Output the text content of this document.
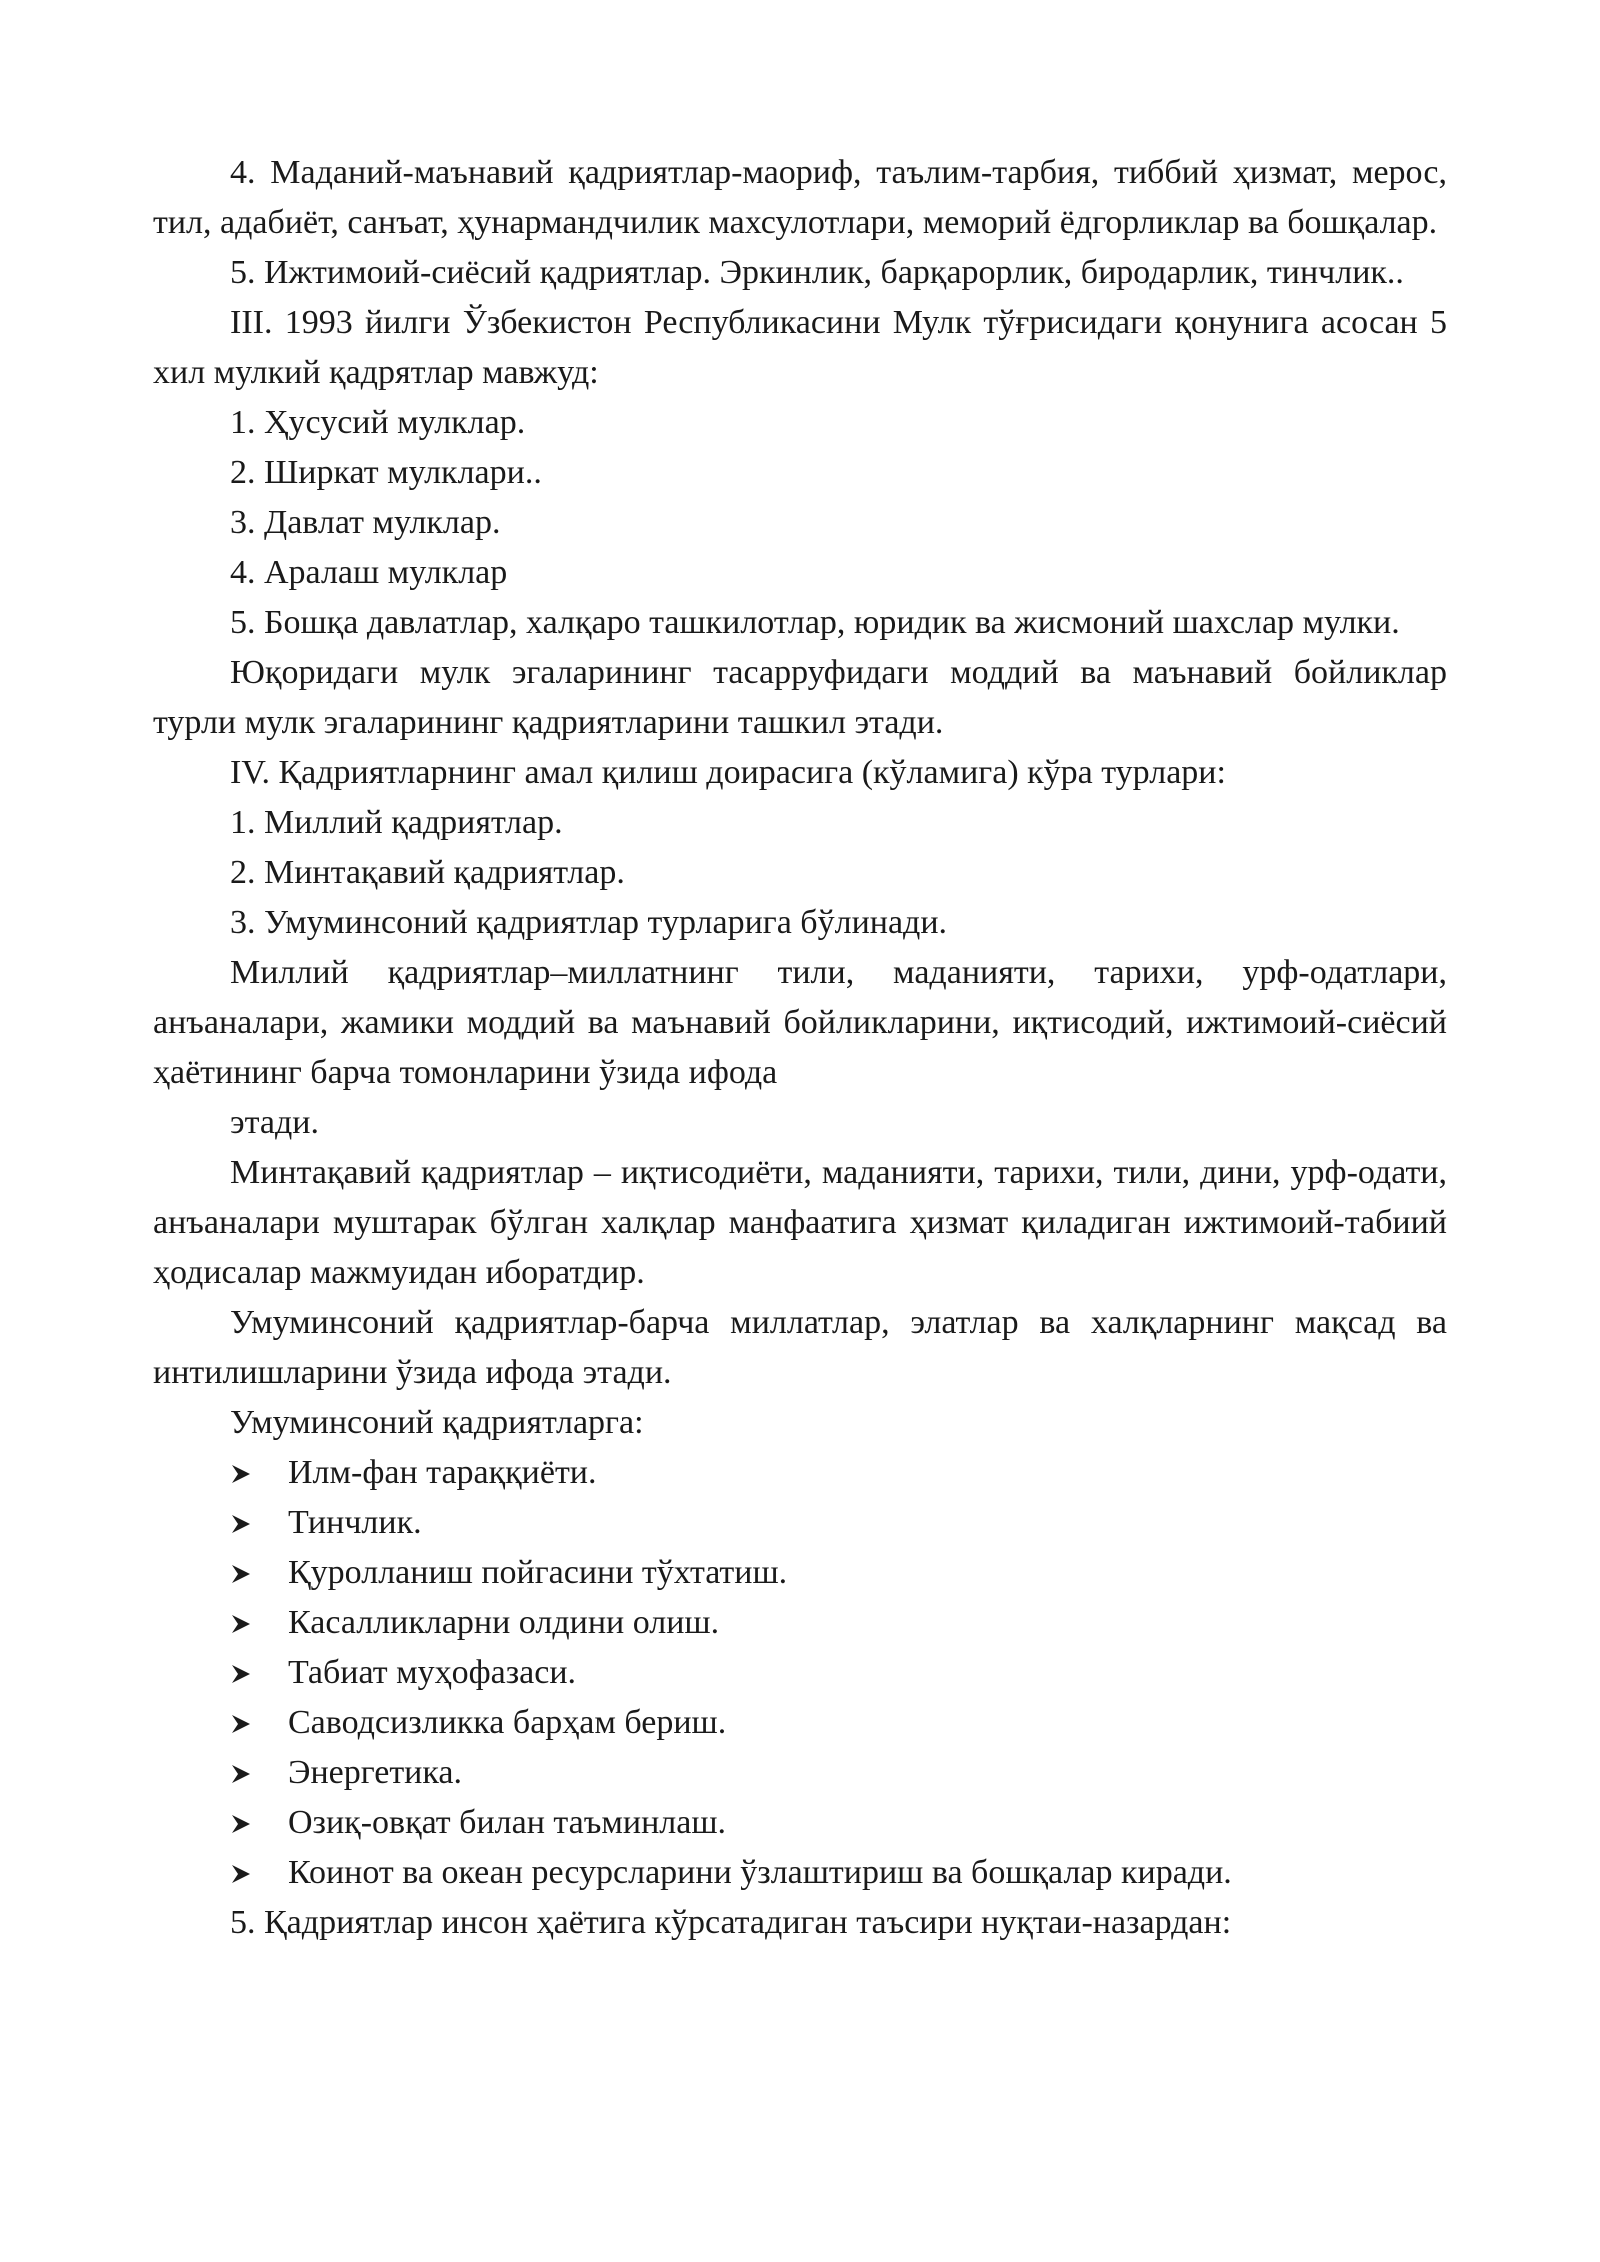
4. Маданий-маънавий қадриятлар-маориф, таълим-тарбия, тиббий ҳизмат, мерос, тил, адабиёт, санъат, ҳунармандчилик махсулотлари, меморий ёдгорликлар ва бошқалар.

5. Ижтимоий-сиёсий қадриятлар. Эркинлик, барқарорлик, биродарлик, тинчлик..

III. 1993 йилги Ўзбекистон Республикасини Мулк тўғрисидаги қонунига асосан 5 хил мулкий қадрятлар мавжуд:

1. Ҳусусий мулклар.

2. Ширкат мулклари..

3. Давлат мулклар.

4. Аралаш мулклар

5. Бошқа давлатлар, халқаро ташкилотлар, юридик ва жисмоний шахслар мулки.

Юқоридаги мулк эгаларининг тасарруфидаги моддий ва маънавий бойликлар турли мулк эгаларининг қадриятларини ташкил этади.

IV. Қадриятларнинг амал қилиш доирасига (кўламига) кўра турлари:

1. Миллий қадриятлар.

2. Минтақавий қадриятлар.

3. Умуминсоний қадриятлар турларига бўлинади.

Миллий қадриятлар–миллатнинг тили, маданияти, тарихи, урф-одатлари, анъаналари, жамики моддий ва маънавий бойликларини, иқтисодий, ижтимоий-сиёсий ҳаётининг барча томонларини ўзида ифода

этади.

Минтақавий қадриятлар – иқтисодиёти, маданияти, тарихи, тили, дини, урф-одати, анъаналари муштарак бўлган халқлар манфаатига ҳизмат қиладиган ижтимоий-табиий ҳодисалар мажмуидан иборатдир.

Умуминсоний қадриятлар-барча миллатлар, элатлар ва халқларнинг мақсад ва интилишларини ўзида ифода этади.

Умуминсоний қадриятларга:

Илм-фан тараққиёти.

Тинчлик.

Қуролланиш пойгасини тўхтатиш.

Касалликларни олдини олиш.

Табиат муҳофазаси.

Саводсизликка барҳам бериш.

Энергетика.

Озиқ-овқат билан таъминлаш.

Коинот ва океан ресурсларини ўзлаштириш ва бошқалар киради.

5. Қадриятлар инсон ҳаётига кўрсатадиган таъсири нуқтаи-назардан:
